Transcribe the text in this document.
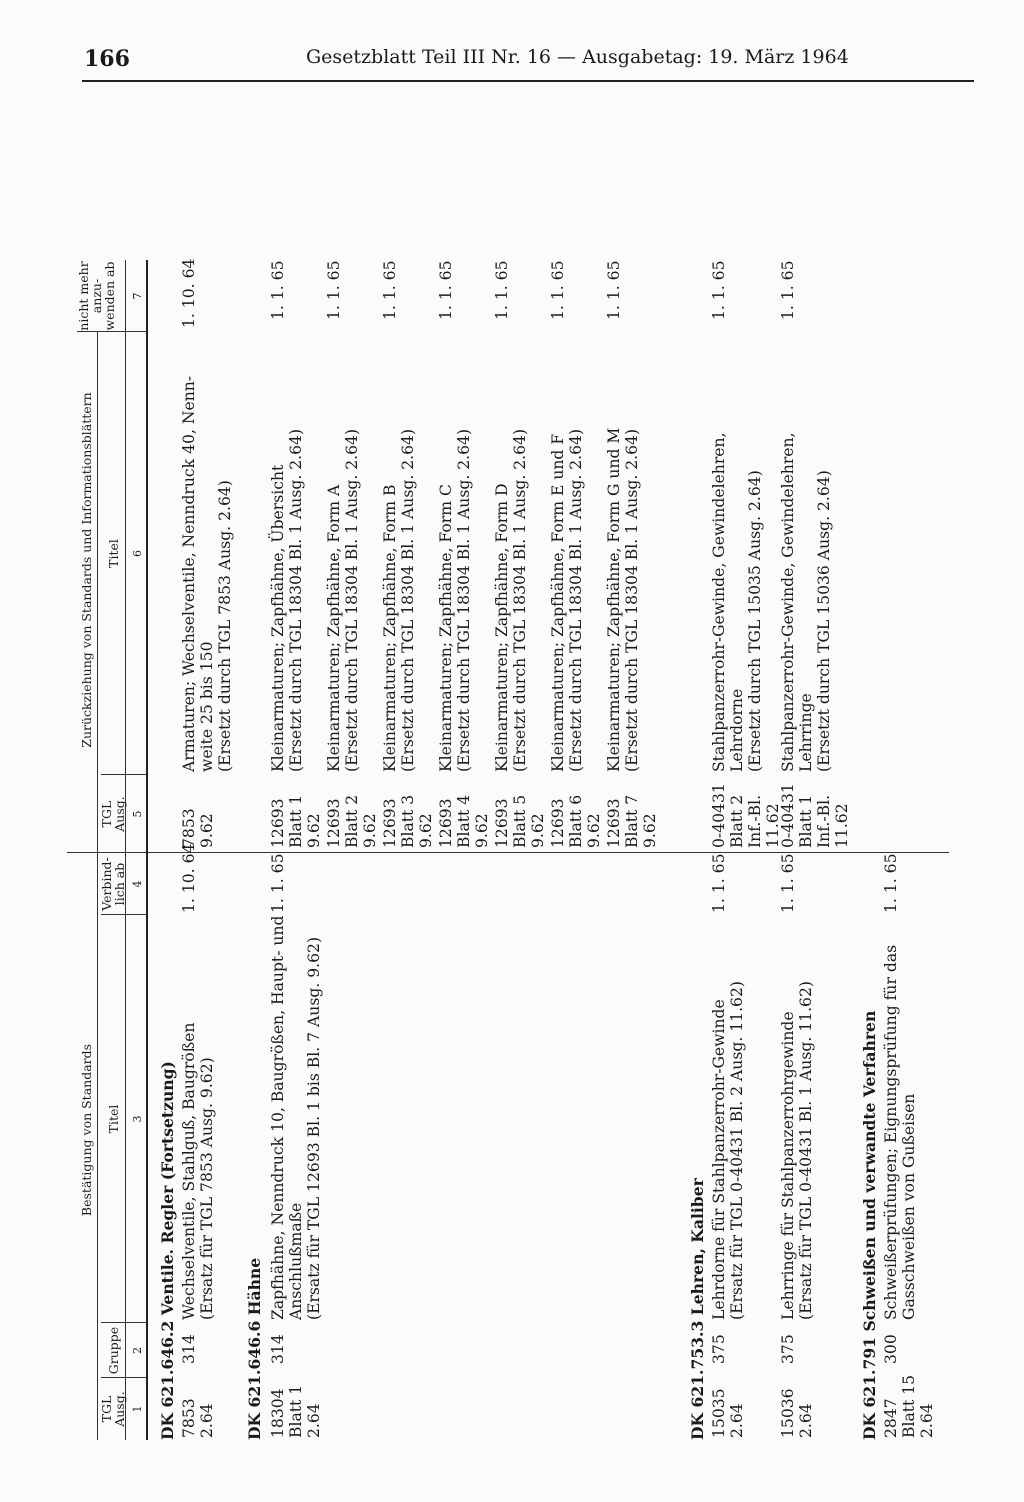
166	Gesetzblatt Teil III Nr. 16 — Ausgabetag: 19. März 1964
Bestätigung von Standards
Zurückziehung von Standards und Informationsblättern
TGL
Ausg.
Gruppe
Titel
Verbind-
lich ab
TGL
Ausg.
Titel
nicht mehr
anzu-
wenden ab
1
2
3
4
5
6
7
DK 621.646.2 Ventile. Regler (Fortsetzung) 7853
2.64
314
Wechselventile, Stahlguß, Baugrößen
(Ersatz für TGL 7853 Ausg. 9.62)
1. 10. 64
7853
9.62
Armaturen; Wechselventile, Nenndruck 40, Nenn-
weite 25 bis 150
(Ersetzt durch TGL 7853 Ausg. 2.64)
1. 10. 64
DK 621.646.6 Hähne 18304
Blatt 1
2.64
314
Zapfhähne, Nenndruck 10, Baugrößen, Haupt- und
Anschlußmaße
(Ersatz für TGL 12693 Bl. 1 bis Bl. 7 Ausg. 9.62)
1. 1. 65
12693
Blatt 1
9.62
Kleinarmaturen; Zapfhähne, Übersicht
(Ersetzt durch TGL 18304 Bl. 1 Ausg. 2.64)
1. 1. 65
12693
Blatt 2
9.62
Kleinarmaturen; Zapfhähne, Form A
(Ersetzt durch TGL 18304 Bl. 1 Ausg. 2.64)
1. 1. 65
12693
Blatt 3
9.62
Kleinarmaturen; Zapfhähne, Form B
(Ersetzt durch TGL 18304 Bl. 1 Ausg. 2.64)
1. 1. 65
12693
Blatt 4
9.62
Kleinarmaturen; Zapfhähne, Form C
(Ersetzt durch TGL 18304 Bl. 1 Ausg. 2.64)
1. 1. 65
12693
Blatt 5
9.62
Kleinarmaturen; Zapfhähne, Form D
(Ersetzt durch TGL 18304 Bl. 1 Ausg. 2.64)
1. 1. 65
12693
Blatt 6
9.62
Kleinarmaturen; Zapfhähne, Form E und F
(Ersetzt durch TGL 18304 Bl. 1 Ausg. 2.64)
1. 1. 65
12693
Blatt 7
9.62
Kleinarmaturen; Zapfhähne, Form G und M
(Ersetzt durch TGL 18304 Bl. 1 Ausg. 2.64)
1. 1. 65
DK 621.753.3 Lehren, Kaliber 15035
2.64
375
Lehrdorne für Stahlpanzerrohr-Gewinde
(Ersatz für TGL 0-40431 Bl. 2 Ausg. 11.62)
1. 1. 65
0-40431
Blatt 2
Inf.-Bl.
11.62
Stahlpanzerrohr-Gewinde, Gewindelehren,
Lehrdorne
(Ersetzt durch TGL 15035 Ausg. 2.64)
1. 1. 65
15036
2.64
375
Lehrringe für Stahlpanzerrohrgewinde
(Ersatz für TGL 0-40431 Bl. 1 Ausg. 11.62)
1. 1. 65
0-40431
Blatt 1
Inf.-Bl.
11.62
Stahlpanzerrohr-Gewinde, Gewindelehren,
Lehrringe
(Ersetzt durch TGL 15036 Ausg. 2.64)
1. 1. 65
DK 621.791 Schweißen und verwandte Verfahren 2847
Blatt 15
2.64
300
Schweißerprüfungen; Eignungsprüfung für das
Gasschweißen von Gußeisen
1. 1. 65
